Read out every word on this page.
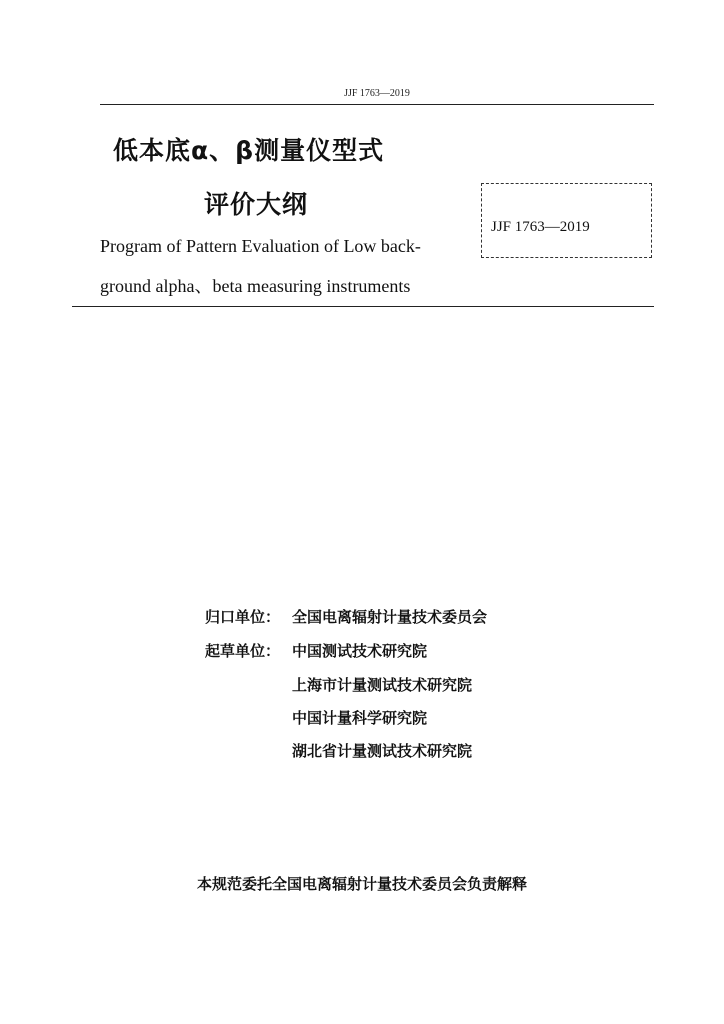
JJF 1763—2019
低本底α、β测量仪型式
评价大纲
Program of Pattern Evaluation of Low back-
ground alpha、beta measuring instruments
JJF 1763—2019
归口单位： 全国电离辐射计量技术委员会
起草单位： 中国测试技术研究院
上海市计量测试技术研究院
中国计量科学研究院
湖北省计量测试技术研究院
本规范委托全国电离辐射计量技术委员会负责解释
